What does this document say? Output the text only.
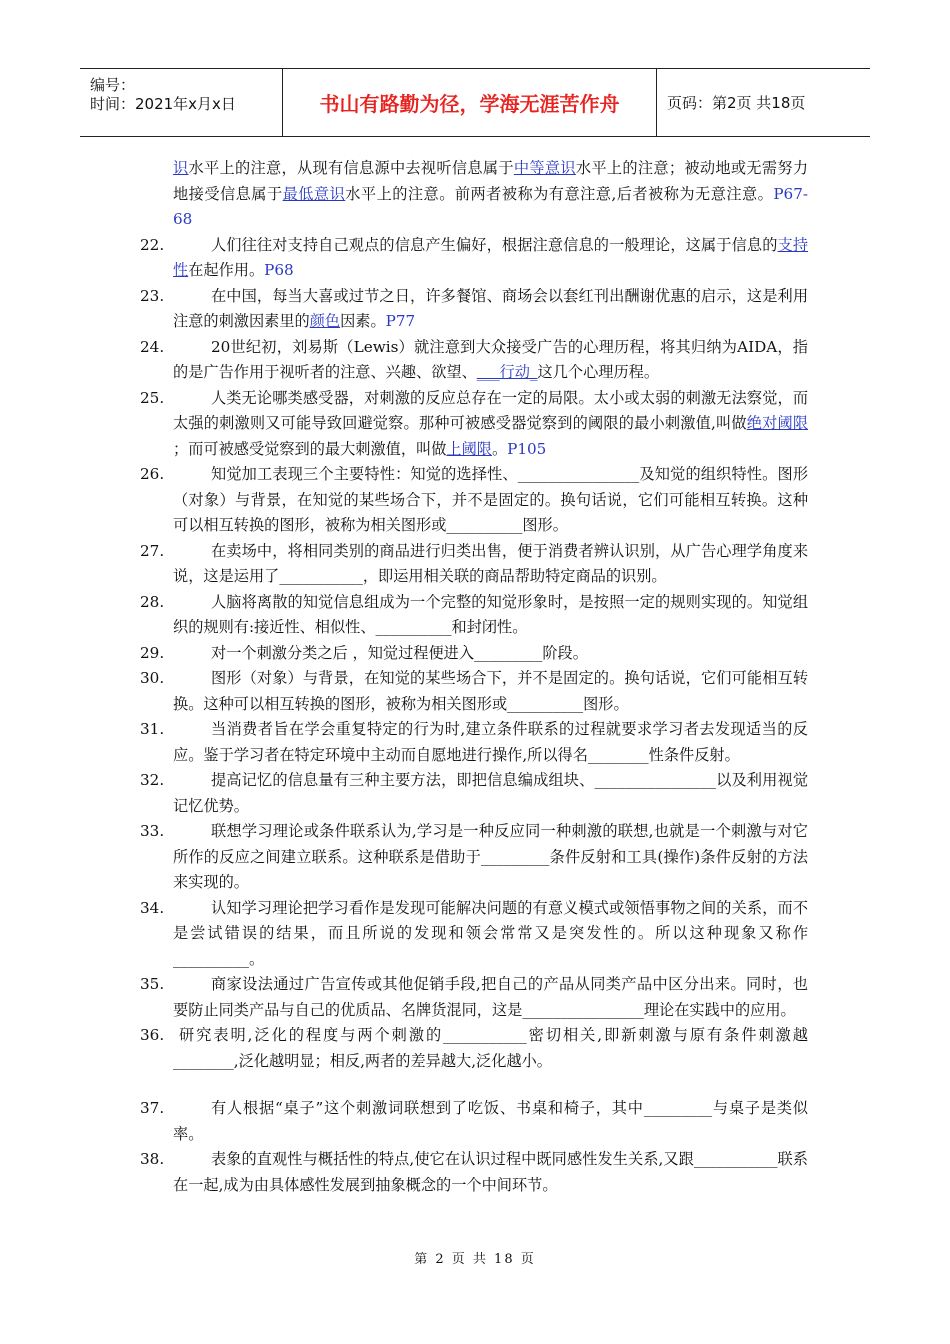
编号：
时间：2021年x月x日	书山有路勤为径，学海无涯苦作舟	页码：第2页 共18页
识水平上的注意，从现有信息源中去视听信息属于中等意识水平上的注意；被动地或无需努力地接受信息属于最低意识水平上的注意。前两者被称为有意注意,后者被称为无意注意。P67-68
22.	人们往往对支持自己观点的信息产生偏好，根据注意信息的一般理论，这属于信息的支持性在起作用。P68
23.	在中国，每当大喜或过节之日，许多餐馆、商场会以套红刊出酬谢优惠的启示，这是利用注意的刺激因素里的颜色因素。P77
24.	20世纪初，刘易斯（Lewis）就注意到大众接受广告的心理历程，将其归纳为AIDA，指的是广告作用于视听者的注意、兴趣、欲望、___行动_这几个心理历程。
25.	人类无论哪类感受器，对刺激的反应总存在一定的局限。太小或太弱的刺激无法察觉，而太强的刺激则又可能导致回避觉察。那种可被感受器觉察到的阈限的最小刺激值,叫做绝对阈限 ；而可被感受觉察到的最大刺激值，叫做上阈限。P105
26.	知觉加工表现三个主要特性：知觉的选择性、________________及知觉的组织特性。图形（对象）与背景，在知觉的某些场合下，并不是固定的。换句话说，它们可能相互转换。这种可以相互转换的图形，被称为相关图形或__________图形。
27.	在卖场中，将相同类别的商品进行归类出售，便于消费者辨认识别，从广告心理学角度来说，这是运用了___________，即运用相关联的商品帮助特定商品的识别。
28.	人脑将离散的知觉信息组成为一个完整的知觉形象时，是按照一定的规则实现的。知觉组织的规则有:接近性、相似性、__________和封闭性。
29.	对一个刺激分类之后 ，知觉过程便进入_________阶段。
30.	图形（对象）与背景，在知觉的某些场合下，并不是固定的。换句话说，它们可能相互转换。这种可以相互转换的图形，被称为相关图形或__________图形。
31.	当消费者旨在学会重复特定的行为时,建立条件联系的过程就要求学习者去发现适当的反应。鉴于学习者在特定环境中主动而自愿地进行操作,所以得名________性条件反射。
32.	提高记忆的信息量有三种主要方法，即把信息编成组块、________________以及利用视觉记忆优势。
33.	联想学习理论或条件联系认为,学习是一种反应同一种刺激的联想,也就是一个刺激与对它所作的反应之间建立联系。这种联系是借助于_________条件反射和工具(操作)条件反射的方法来实现的。
34.	认知学习理论把学习看作是发现可能解决问题的有意义模式或领悟事物之间的关系，而不是尝试错误的结果，而且所说的发现和领会常常又是突发性的。所以这种现象又称作__________。
35.	商家设法通过广告宣传或其他促销手段,把自己的产品从同类产品中区分出来。同时，也要防止同类产品与自己的优质品、名牌货混同，这是________________理论在实践中的应用。
36. 研究表明,泛化的程度与两个刺激的___________密切相关,即新刺激与原有条件刺激越________,泛化越明显；相反,两者的差异越大,泛化越小。
37.	有人根据“桌子”这个刺激词联想到了吃饭、书桌和椅子，其中_________与桌子是类似率。
38.	表象的直观性与概括性的特点,使它在认识过程中既同感性发生关系,又跟___________联系在一起,成为由具体感性发展到抽象概念的一个中间环节。
第 2 页 共 18 页
